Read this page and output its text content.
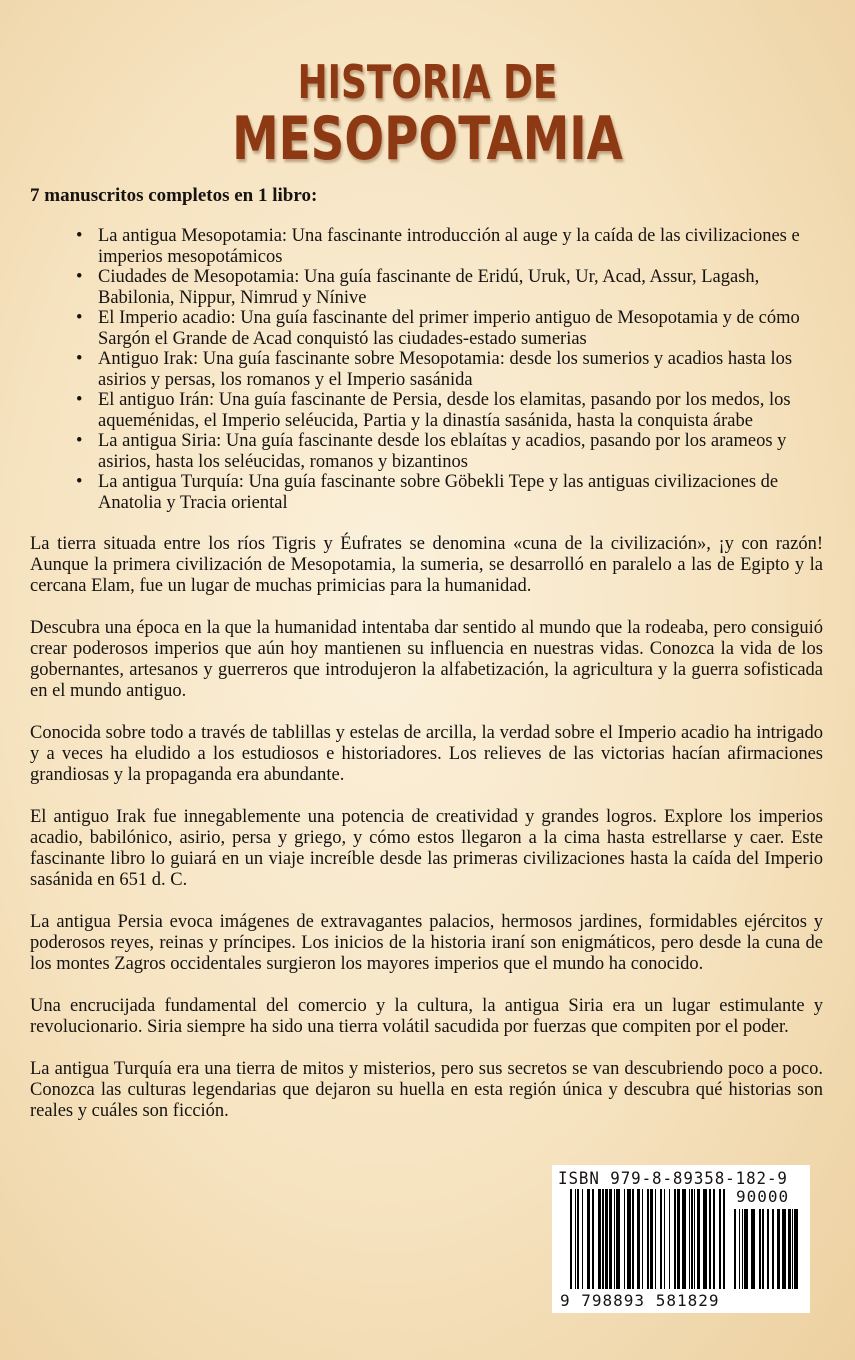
HISTORIA DE
MESOPOTAMIA

7 manuscritos completos en 1 libro:

• La antigua Mesopotamia: Una fascinante introducción al auge y la caída de las civilizaciones e imperios mesopotámicos
• Ciudades de Mesopotamia: Una guía fascinante de Eridú, Uruk, Ur, Acad, Assur, Lagash, Babilonia, Nippur, Nimrud y Nínive
• El Imperio acadio: Una guía fascinante del primer imperio antiguo de Mesopotamia y de cómo Sargón el Grande de Acad conquistó las ciudades-estado sumerias
• Antiguo Irak: Una guía fascinante sobre Mesopotamia: desde los sumerios y acadios hasta los asirios y persas, los romanos y el Imperio sasánida
• El antiguo Irán: Una guía fascinante de Persia, desde los elamitas, pasando por los medos, los aqueménidas, el Imperio seléucida, Partia y la dinastía sasánida, hasta la conquista árabe
• La antigua Siria: Una guía fascinante desde los eblaítas y acadios, pasando por los arameos y asirios, hasta los seléucidas, romanos y bizantinos
• La antigua Turquía: Una guía fascinante sobre Göbekli Tepe y las antiguas civilizaciones de Anatolia y Tracia oriental

La tierra situada entre los ríos Tigris y Éufrates se denomina «cuna de la civilización», ¡y con razón! Aunque la primera civilización de Mesopotamia, la sumeria, se desarrolló en paralelo a las de Egipto y la cercana Elam, fue un lugar de muchas primicias para la humanidad.

Descubra una época en la que la humanidad intentaba dar sentido al mundo que la rodeaba, pero consiguió crear poderosos imperios que aún hoy mantienen su influencia en nuestras vidas. Conozca la vida de los gobernantes, artesanos y guerreros que introdujeron la alfabetización, la agricultura y la guerra sofisticada en el mundo antiguo.

Conocida sobre todo a través de tablillas y estelas de arcilla, la verdad sobre el Imperio acadio ha intrigado y a veces ha eludido a los estudiosos e historiadores. Los relieves de las victorias hacían afirmaciones grandiosas y la propaganda era abundante.

El antiguo Irak fue innegablemente una potencia de creatividad y grandes logros. Explore los imperios acadio, babilónico, asirio, persa y griego, y cómo estos llegaron a la cima hasta estrellarse y caer. Este fascinante libro lo guiará en un viaje increíble desde las primeras civilizaciones hasta la caída del Imperio sasánida en 651 d. C.

La antigua Persia evoca imágenes de extravagantes palacios, hermosos jardines, formidables ejércitos y poderosos reyes, reinas y príncipes. Los inicios de la historia iraní son enigmáticos, pero desde la cuna de los montes Zagros occidentales surgieron los mayores imperios que el mundo ha conocido.

Una encrucijada fundamental del comercio y la cultura, la antigua Siria era un lugar estimulante y revolucionario. Siria siempre ha sido una tierra volátil sacudida por fuerzas que compiten por el poder.

La antigua Turquía era una tierra de mitos y misterios, pero sus secretos se van descubriendo poco a poco. Conozca las culturas legendarias que dejaron su huella en esta región única y descubra qué historias son reales y cuáles son ficción.

ISBN 979-8-89358-182-9
90000
9 798893 581829
